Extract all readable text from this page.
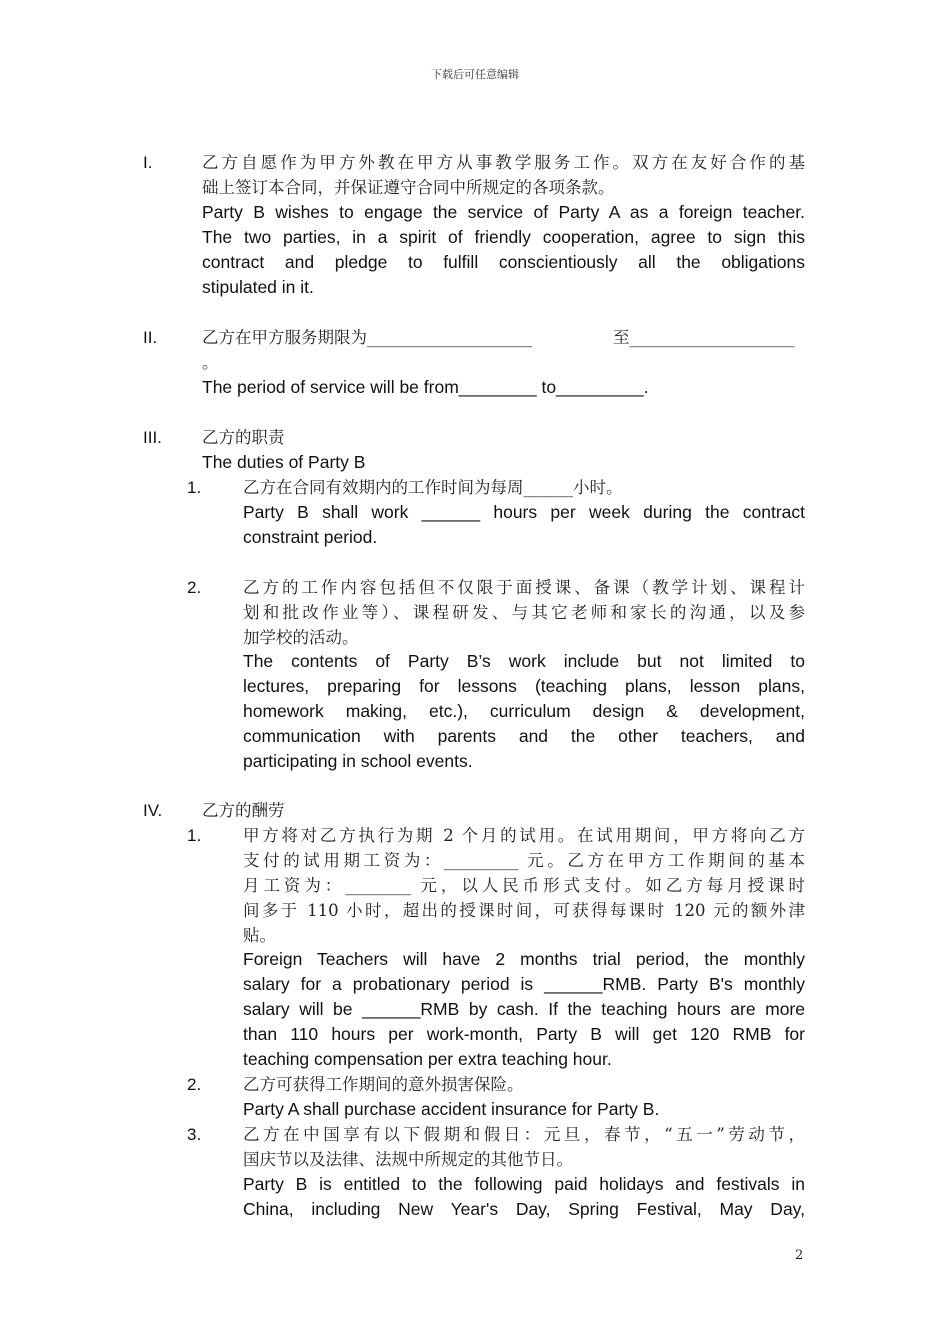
下载后可任意编辑
I.	乙方自愿作为甲方外教在甲方从事教学服务工作。双方在友好合作的基
础上签订本合同，并保证遵守合同中所规定的各项条款。
Party B wishes to engage the service of Party A as a foreign teacher.
The two parties, in a spirit of friendly cooperation, agree to sign this
contract and pledge to fulfill conscientiously all the obligations
stipulated in it.
II.	乙方在甲方服务期限为____________________	至____________________
。
The period of service will be from________ to_________.
III. 乙方的职责
The duties of Party B
1.	乙方在合同有效期内的工作时间为每周______小时。
Party B shall work ______ hours per week during the contract
constraint period.
2.	乙方的工作内容包括但不仅限于面授课、备课（教学计划、课程计
划和批改作业等）、课程研发、与其它老师和家长的沟通，以及参
加学校的活动。
The contents of Party B’s work include but not limited to
lectures, preparing for lessons (teaching plans, lesson plans,
homework making, etc.), curriculum design & development,
communication with parents and the other teachers, and
participating in school events.
IV. 乙方的酬劳
1.	甲方将对乙方执行为期 2 个月的试用。在试用期间，甲方将向乙方
支付的试用期工资为：_________ 元。乙方在甲方工作期间的基本
月工资为：________ 元，以人民币形式支付。如乙方每月授课时
间多于 110 小时，超出的授课时间，可获得每课时 120 元的额外津
贴。
Foreign Teachers will have 2 months trial period, the monthly
salary for a probationary period is ______RMB. Party B's monthly
salary will be ______RMB by cash. If the teaching hours are more
than 110 hours per work-month, Party B will get 120 RMB for
teaching compensation per extra teaching hour.
2.	乙方可获得工作期间的意外损害保险。
Party A shall purchase accident insurance for Party B.
3.	乙方在中国享有以下假期和假日：元旦，春节，“五一”劳动节，
国庆节以及法律、法规中所规定的其他节日。
Party B is entitled to the following paid holidays and festivals in
China, including New Year's Day, Spring Festival, May Day,
2
